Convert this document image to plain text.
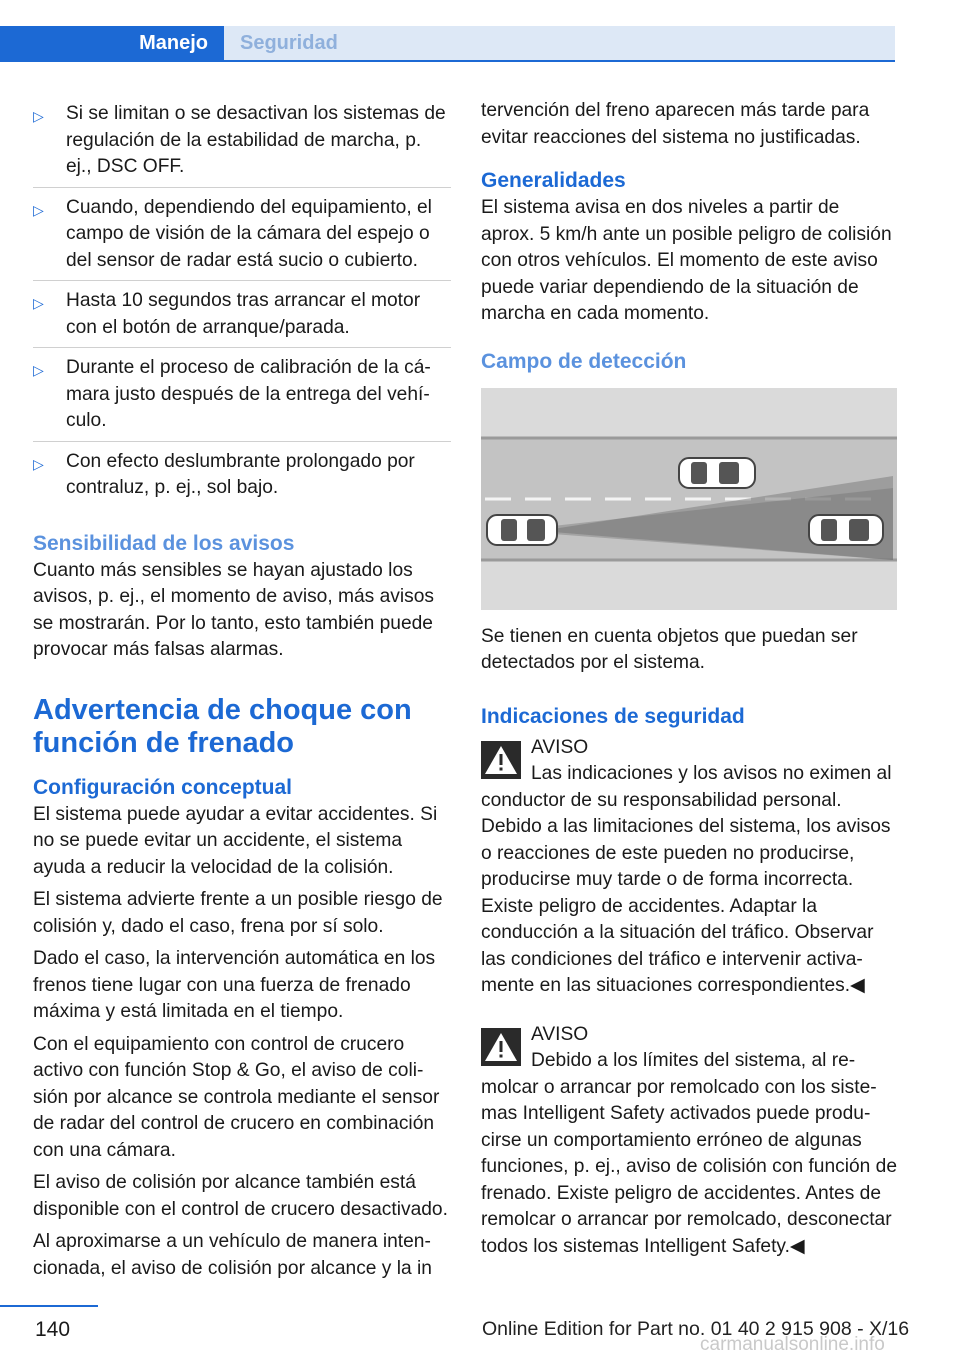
Manejo	Seguridad
▷	Si se limitan o se desactivan los sistemas de regulación de la estabilidad de marcha, p. ej., DSC OFF.
▷	Cuando, dependiendo del equipamiento, el campo de visión de la cámara del espejo o del sensor de radar está sucio o cubierto.
▷	Hasta 10 segundos tras arrancar el motor con el botón de arranque/parada.
▷	Durante el proceso de calibración de la cámara justo después de la entrega del vehículo.
▷	Con efecto deslumbrante prolongado por contraluz, p. ej., sol bajo.
Sensibilidad de los avisos

Cuanto más sensibles se hayan ajustado los avisos, p. ej., el momento de aviso, más avisos se mostrarán. Por lo tanto, esto también puede provocar más falsas alarmas.

Advertencia de choque con función de frenado
Configuración conceptual

El sistema puede ayudar a evitar accidentes. Si no se puede evitar un accidente, el sistema ayuda a reducir la velocidad de la colisión.

El sistema advierte frente a un posible riesgo de colisión y, dado el caso, frena por sí solo.

Dado el caso, la intervención automática en los frenos tiene lugar con una fuerza de frenado máxima y está limitada en el tiempo.

Con el equipamiento con control de crucero activo con función Stop & Go, el aviso de colisión por alcance se controla mediante el sensor de radar del control de crucero en combinación con una cámara.

El aviso de colisión por alcance también está disponible con el control de crucero desactivado.

Al aproximarse a un vehículo de manera intencionada, el aviso de colisión por alcance y la in

tervención del freno aparecen más tarde para evitar reacciones del sistema no justificadas.

Generalidades

El sistema avisa en dos niveles a partir de aprox. 5 km/h ante un posible peligro de colisión con otros vehículos. El momento de este aviso puede variar dependiendo de la situación de marcha en cada momento.

Campo de detección

Se tienen en cuenta objetos que puedan ser detectados por el sistema.

Indicaciones de seguridad
AVISO
Las indicaciones y los avisos no eximen al conductor de su responsabilidad personal. Debido a las limitaciones del sistema, los avisos o reacciones de este pueden no producirse, producirse muy tarde o de forma incorrecta. Existe peligro de accidentes. Adaptar la conducción a la situación del tráfico. Observar las condiciones del tráfico e intervenir activamente en las situaciones correspondientes.◀
AVISO
Debido a los límites del sistema, al remolcar o arrancar por remolcado con los sistemas Intelligent Safety activados puede producirse un comportamiento erróneo de algunas funciones, p. ej., aviso de colisión con función de frenado. Existe peligro de accidentes. Antes de remolcar o arrancar por remolcado, desconectar todos los sistemas Intelligent Safety.◀
140	Online Edition for Part no. 01 40 2 915 908 - X/16
carmanualsonline.info
